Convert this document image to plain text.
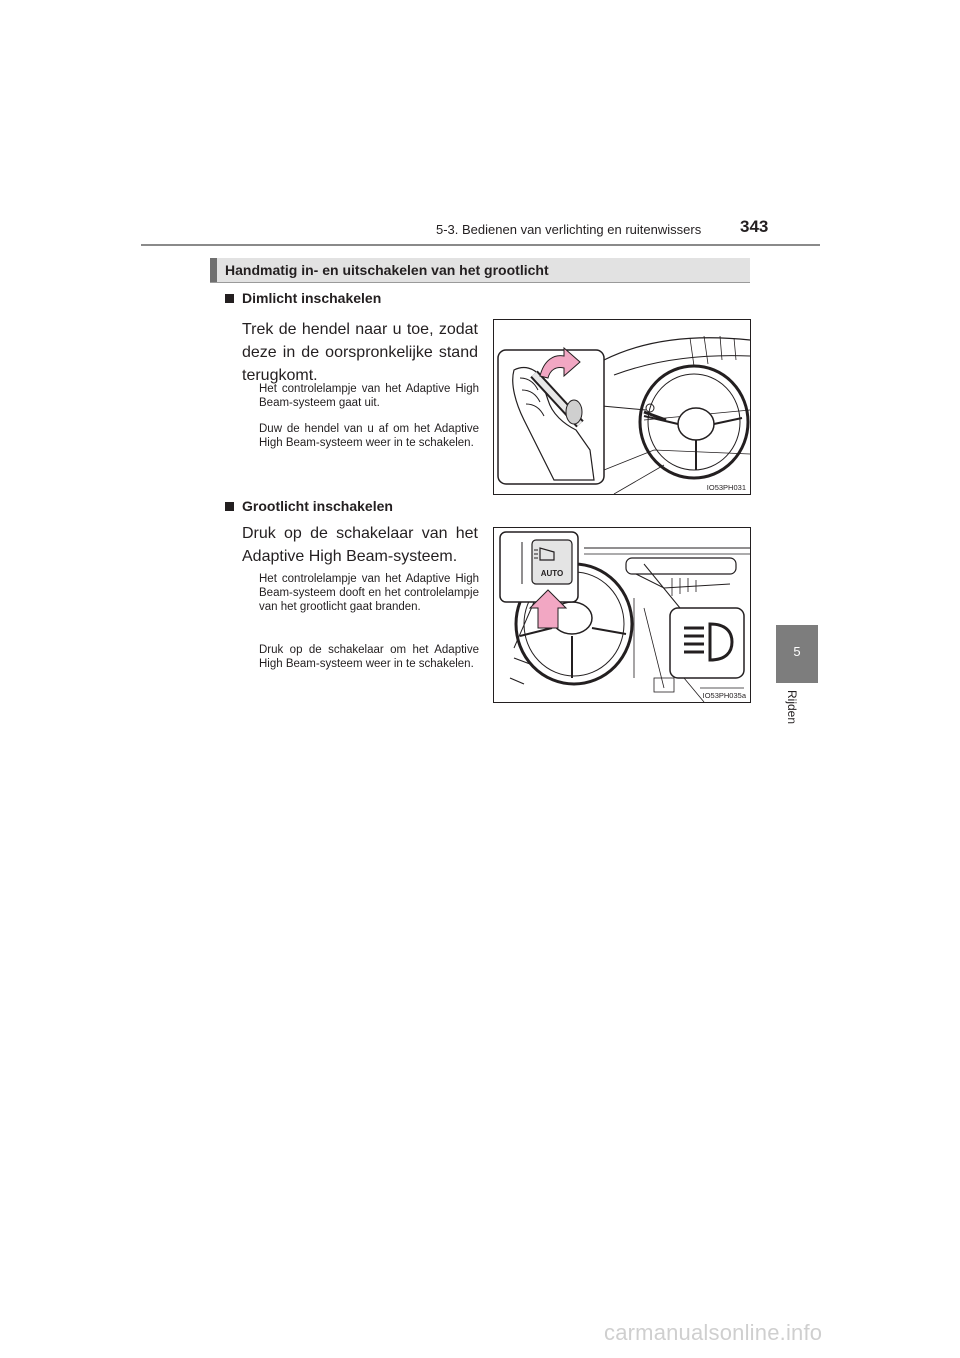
5-3. Bedienen van verlichting en ruitenwissers 343
Handmatig in- en uitschakelen van het grootlicht
Dimlicht inschakelen
Trek de hendel naar u toe, zodat deze in de oorspronkelijke stand terugkomt.
Het controlelampje van het Adaptive High Beam-systeem gaat uit.
Duw de hendel van u af om het Adaptive High Beam-systeem weer in te schakelen.
IO53PH031
Grootlicht inschakelen
Druk op de schakelaar van het Adaptive High Beam-systeem.
Het controlelampje van het Adaptive High Beam-systeem dooft en het controlelampje van het grootlicht gaat branden.
Druk op de schakelaar om het Adaptive High Beam-systeem weer in te schakelen.
AUTO
IO53PH035a
5
Rijden
carmanualsonline.info
